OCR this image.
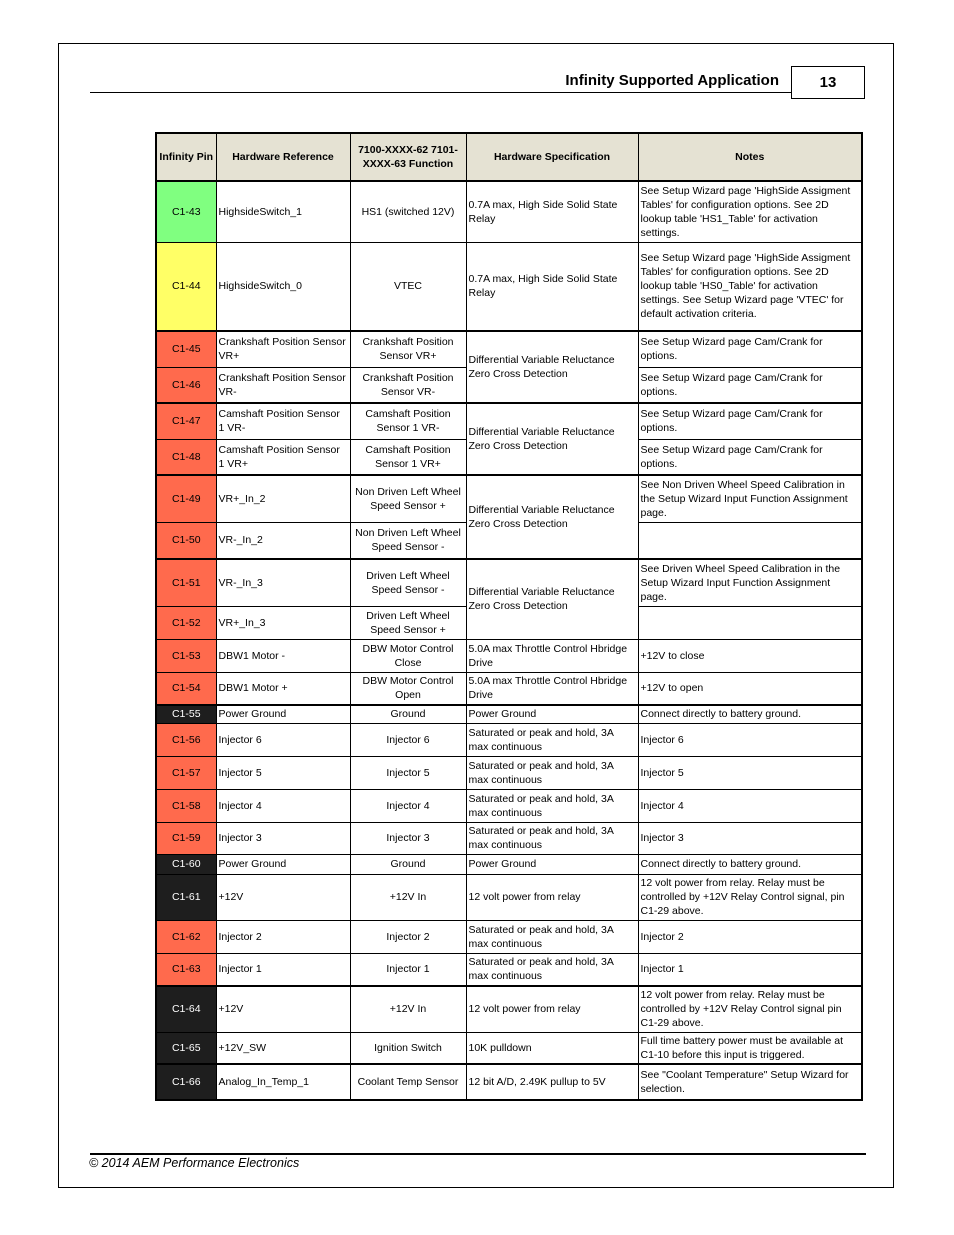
Infinity Supported Application	13
Infinity Pin	Hardware Reference	7100-XXXX-62 7101-XXXX-63 Function	Hardware Specification	Notes
C1-43	HighsideSwitch_1	HS1 (switched 12V)	0.7A max, High Side Solid State Relay	See Setup Wizard page 'HighSide Assigment Tables' for configuration options. See 2D lookup table 'HS1_Table' for activation settings.
C1-44	HighsideSwitch_0	VTEC	0.7A max, High Side Solid State Relay	See Setup Wizard page 'HighSide Assigment Tables' for configuration options. See 2D lookup table 'HS0_Table' for activation settings. See Setup Wizard page 'VTEC' for default activation criteria.
C1-45	Crankshaft Position Sensor VR+	Crankshaft Position Sensor VR+	Differential Variable Reluctance Zero Cross Detection	See Setup Wizard page Cam/Crank for options.
C1-46	Crankshaft Position Sensor VR-	Crankshaft Position Sensor VR-		See Setup Wizard page Cam/Crank for options.
C1-47	Camshaft Position Sensor 1 VR-	Camshaft Position Sensor 1 VR-	Differential Variable Reluctance Zero Cross Detection	See Setup Wizard page Cam/Crank for options.
C1-48	Camshaft Position Sensor 1 VR+	Camshaft Position Sensor 1 VR+		See Setup Wizard page Cam/Crank for options.
C1-49	VR+_In_2	Non Driven Left Wheel Speed Sensor +	Differential Variable Reluctance Zero Cross Detection	See Non Driven Wheel Speed Calibration in the Setup Wizard Input Function Assignment page.
C1-50	VR-_In_2	Non Driven Left Wheel Speed Sensor -		
C1-51	VR-_In_3	Driven Left Wheel Speed Sensor -	Differential Variable Reluctance Zero Cross Detection	See Driven Wheel Speed Calibration in the Setup Wizard Input Function Assignment page.
C1-52	VR+_In_3	Driven Left Wheel Speed Sensor +		
C1-53	DBW1 Motor -	DBW Motor Control Close	5.0A max Throttle Control Hbridge Drive	+12V to close
C1-54	DBW1 Motor +	DBW Motor Control Open	5.0A max Throttle Control Hbridge Drive	+12V to open
C1-55	Power Ground	Ground	Power Ground	Connect directly to battery ground.
C1-56	Injector 6	Injector 6	Saturated or peak and hold, 3A max continuous	Injector 6
C1-57	Injector 5	Injector 5	Saturated or peak and hold, 3A max continuous	Injector 5
C1-58	Injector 4	Injector 4	Saturated or peak and hold, 3A max continuous	Injector 4
C1-59	Injector 3	Injector 3	Saturated or peak and hold, 3A max continuous	Injector 3
C1-60	Power Ground	Ground	Power Ground	Connect directly to battery ground.
C1-61	+12V	+12V In	12 volt power from relay	12 volt power from relay. Relay must be controlled by +12V Relay Control signal, pin C1-29 above.
C1-62	Injector 2	Injector 2	Saturated or peak and hold, 3A max continuous	Injector 2
C1-63	Injector 1	Injector 1	Saturated or peak and hold, 3A max continuous	Injector 1
C1-64	+12V	+12V In	12 volt power from relay	12 volt power from relay. Relay must be controlled by +12V Relay Control signal pin C1-29 above.
C1-65	+12V_SW	Ignition Switch	10K pulldown	Full time battery power must be available at C1-10 before this input is triggered.
C1-66	Analog_In_Temp_1	Coolant Temp Sensor	12 bit A/D, 2.49K pullup to 5V	See "Coolant Temperature" Setup Wizard for selection.
© 2014 AEM Performance Electronics
